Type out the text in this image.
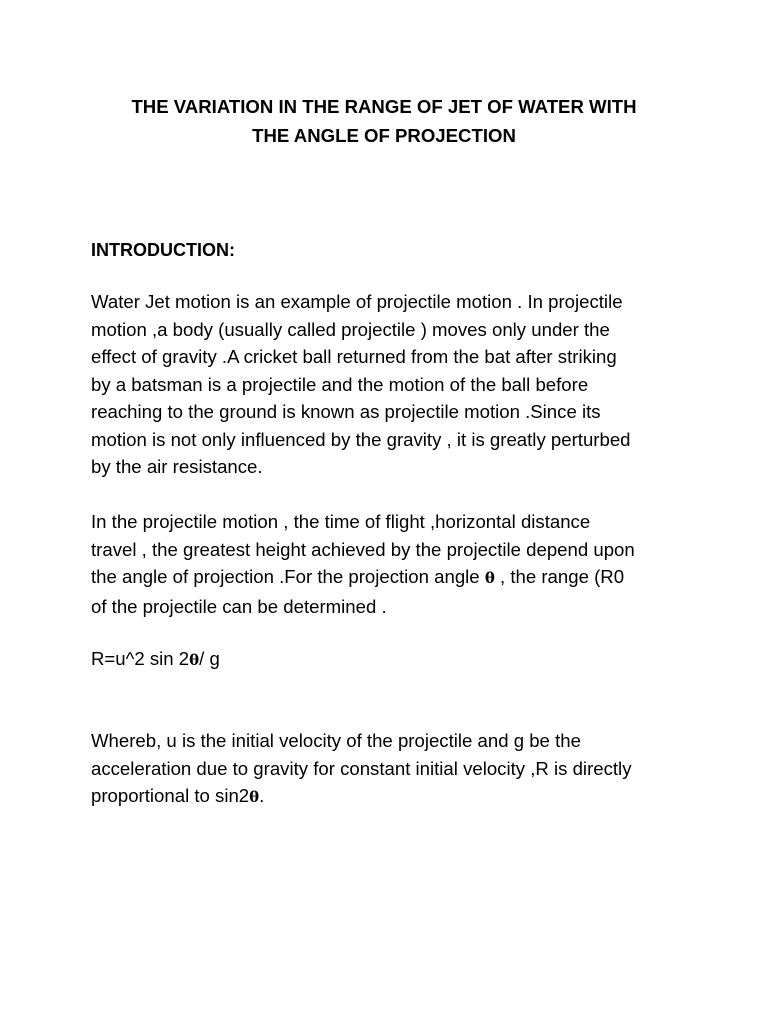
THE VARIATION IN THE RANGE OF JET OF WATER WITH
THE ANGLE OF PROJECTION
INTRODUCTION:

Water Jet motion is an example of projectile motion . In projectile
motion ,a body (usually called projectile ) moves only under the
effect of gravity .A cricket ball returned from the bat after striking
by a batsman is a projectile and the motion of the ball before
reaching to the ground is known as projectile motion .Since its
motion is not only influenced by the gravity , it is greatly perturbed
by the air resistance.

In the projectile motion , the time of flight ,horizontal distance
travel , the greatest height achieved by the projectile depend upon
the angle of projection .For the projection angle θ , the range (R0
of the projectile can be determined .

R=u^2 sin 2θ/ g

Whereb, u is the initial velocity of the projectile and g be the
acceleration due to gravity for constant initial velocity ,R is directly
proportional to sin2θ.
